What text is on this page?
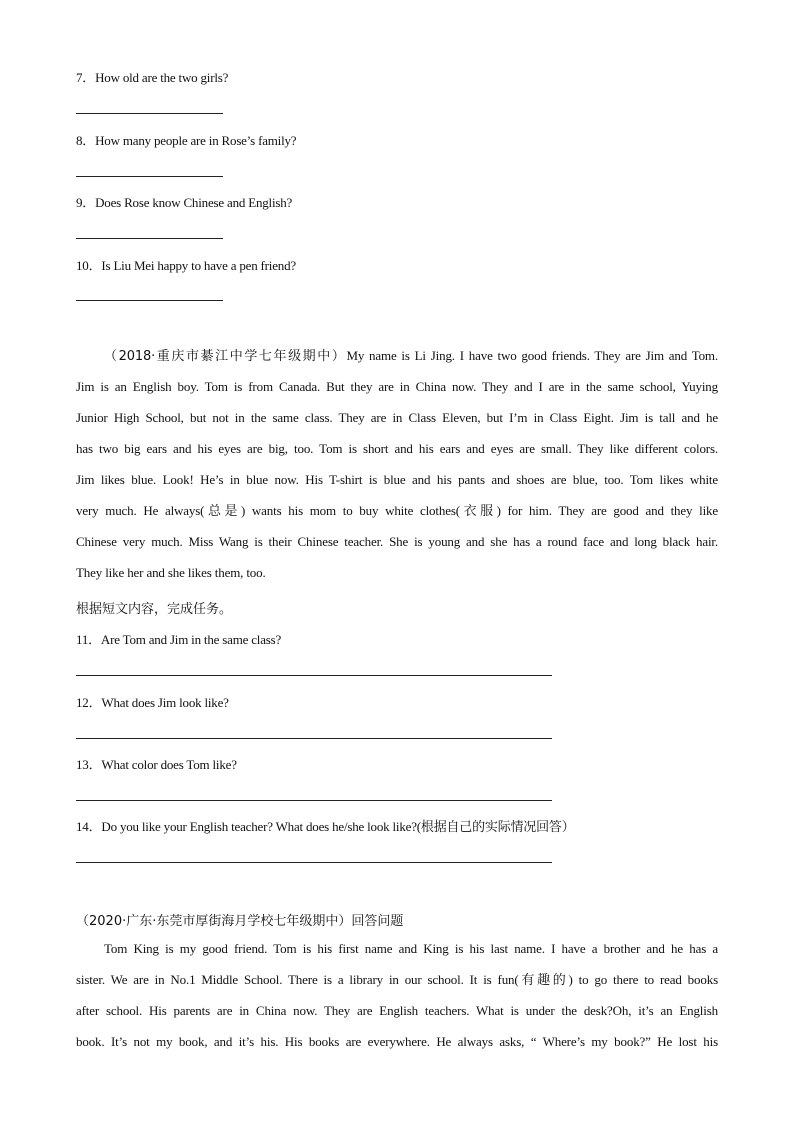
7．How old are the two girls?
8．How many people are in Rose’s family?
9．Does Rose know Chinese and English?
10．Is Liu Mei happy to have a pen friend?
（2018·重庆市綦江中学七年级期中）My name is Li Jing. I have two good friends. They are Jim and Tom.
Jim is an English boy. Tom is from Canada. But they are in China now. They and I are in the same school, Yuying
Junior High School, but not in the same class. They are in Class Eleven, but I’m in Class Eight. Jim is tall and he
has two big ears and his eyes are big, too. Tom is short and his ears and eyes are small. They like different colors.
Jim likes blue. Look! He’s in blue now. His T-shirt is blue and his pants and shoes are blue, too. Tom likes white
very much. He always(总是) wants his mom to buy white clothes(衣服) for him. They are good and they like
Chinese very much. Miss Wang is their Chinese teacher. She is young and she has a round face and long black hair.
They like her and she likes them, too.
根据短文内容，完成任务。
11．Are Tom and Jim in the same class?
12．What does Jim look like?
13．What color does Tom like?
14．Do you like your English teacher? What does he/she look like?(根据自己的实际情况回答）
（2020·广东·东莞市厚街海月学校七年级期中）回答问题
Tom King is my good friend. Tom is his first name and King is his last name. I have a brother and he has a
sister. We are in No.1 Middle School. There is a library in our school. It is fun(有趣的) to go there to read books
after school. His parents are in China now. They are English teachers. What is under the desk?Oh, it’s an English
book. It’s not my book, and it’s his. His books are everywhere. He always asks, “ Where’s my book?” He lost his
